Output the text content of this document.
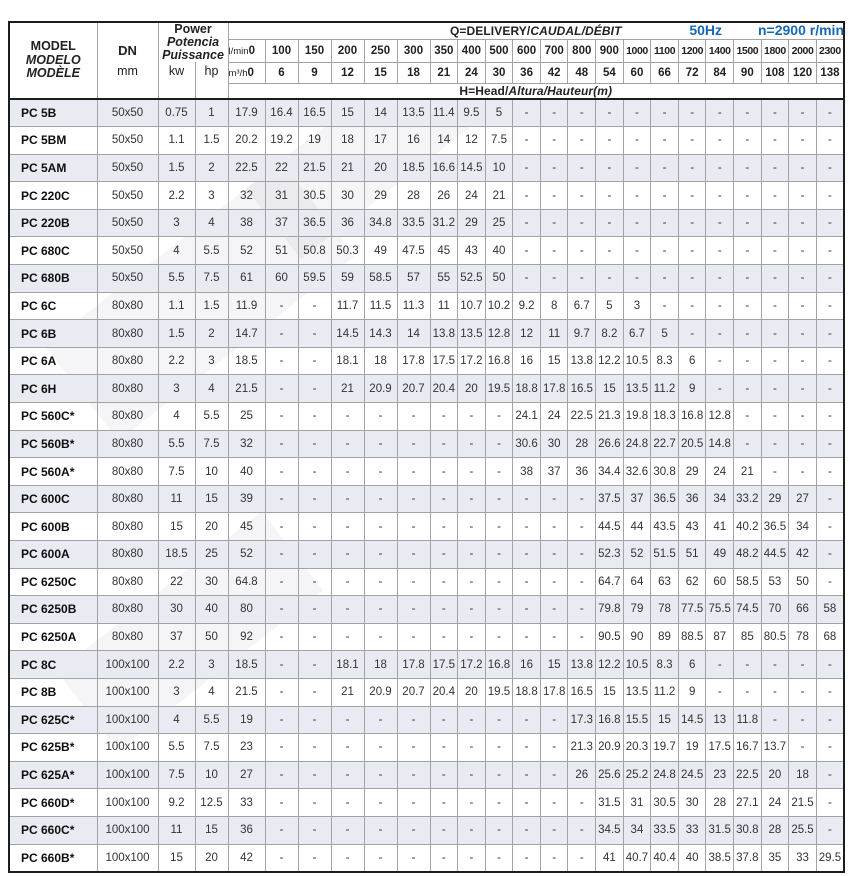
50Hz	n=2900 r/min
MODEL
MODELO
MODÈLE

DN
mm

Power
Potencia
Puissance
	Q=DELIVERY/CAUDAL/DÉBIT
				l/min0	100	150	200	250	300	350	400	500	600	700	800	900	1000	1100	1200	1400	1500	1800	2000	2300
		kw	hp	m³/h0	6	9	12	15	18	21	24	30	36	42	48	54	60	66	72	84	90	108	120	138
				H=Head/Altura/Hauteur(m)																				
PC 5B	50x50	0.75	1	17.9	16.4	16.5	15	14	13.5	11.4	9.5	5	-	-	-	-	-	-	-	-	-	-	-	-
PC 5BM	50x50	1.1	1.5	20.2	19.2	19	18	17	16	14	12	7.5	-	-	-	-	-	-	-	-	-	-	-	-
PC 5AM	50x50	1.5	2	22.5	22	21.5	21	20	18.5	16.6	14.5	10	-	-	-	-	-	-	-	-	-	-	-	-
PC 220C	50x50	2.2	3	32	31	30.5	30	29	28	26	24	21	-	-	-	-	-	-	-	-	-	-	-	-
PC 220B	50x50	3	4	38	37	36.5	36	34.8	33.5	31.2	29	25	-	-	-	-	-	-	-	-	-	-	-	-
PC 680C	50x50	4	5.5	52	51	50.8	50.3	49	47.5	45	43	40	-	-	-	-	-	-	-	-	-	-	-	-
PC 680B	50x50	5.5	7.5	61	60	59.5	59	58.5	57	55	52.5	50	-	-	-	-	-	-	-	-	-	-	-	-
PC 6C	80x80	1.1	1.5	11.9	-	-	11.7	11.5	11.3	11	10.7	10.2	9.2	8	6.7	5	3	-	-	-	-	-	-	-
PC 6B	80x80	1.5	2	14.7	-	-	14.5	14.3	14	13.8	13.5	12.8	12	11	9.7	8.2	6.7	5	-	-	-	-	-	-
PC 6A	80x80	2.2	3	18.5	-	-	18.1	18	17.8	17.5	17.2	16.8	16	15	13.8	12.2	10.5	8.3	6	-	-	-	-	-
PC 6H	80x80	3	4	21.5	-	-	21	20.9	20.7	20.4	20	19.5	18.8	17.8	16.5	15	13.5	11.2	9	-	-	-	-	-
PC 560C*	80x80	4	5.5	25	-	-	-	-	-	-	-	-	24.1	24	22.5	21.3	19.8	18.3	16.8	12.8	-	-	-	-
PC 560B*	80x80	5.5	7.5	32	-	-	-	-	-	-	-	-	30.6	30	28	26.6	24.8	22.7	20.5	14.8	-	-	-	-
PC 560A*	80x80	7.5	10	40	-	-	-	-	-	-	-	-	38	37	36	34.4	32.6	30.8	29	24	21	-	-	-
PC 600C	80x80	11	15	39	-	-	-	-	-	-	-	-	-	-	-	37.5	37	36.5	36	34	33.2	29	27	-
PC 600B	80x80	15	20	45	-	-	-	-	-	-	-	-	-	-	-	44.5	44	43.5	43	41	40.2	36.5	34	-
PC 600A	80x80	18.5	25	52	-	-	-	-	-	-	-	-	-	-	-	52.3	52	51.5	51	49	48.2	44.5	42	-
PC 6250C	80x80	22	30	64.8	-	-	-	-	-	-	-	-	-	-	-	64.7	64	63	62	60	58.5	53	50	-
PC 6250B	80x80	30	40	80	-	-	-	-	-	-	-	-	-	-	-	79.8	79	78	77.5	75.5	74.5	70	66	58
PC 6250A	80x80	37	50	92	-	-	-	-	-	-	-	-	-	-	-	90.5	90	89	88.5	87	85	80.5	78	68
PC 8C	100x100	2.2	3	18.5	-	-	18.1	18	17.8	17.5	17.2	16.8	16	15	13.8	12.2	10.5	8.3	6	-	-	-	-	-
PC 8B	100x100	3	4	21.5	-	-	21	20.9	20.7	20.4	20	19.5	18.8	17.8	16.5	15	13.5	11.2	9	-	-	-	-	-
PC 625C*	100x100	4	5.5	19	-	-	-	-	-	-	-	-	-	-	17.3	16.8	15.5	15	14.5	13	11.8	-	-	-
PC 625B*	100x100	5.5	7.5	23	-	-	-	-	-	-	-	-	-	-	21.3	20.9	20.3	19.7	19	17.5	16.7	13.7	-	-
PC 625A*	100x100	7.5	10	27	-	-	-	-	-	-	-	-	-	-	26	25.6	25.2	24.8	24.5	23	22.5	20	18	-
PC 660D*	100x100	9.2	12.5	33	-	-	-	-	-	-	-	-	-	-	-	31.5	31	30.5	30	28	27.1	24	21.5	-
PC 660C*	100x100	11	15	36	-	-	-	-	-	-	-	-	-	-	-	34.5	34	33.5	33	31.5	30.8	28	25.5	-
PC 660B*	100x100	15	20	42	-	-	-	-	-	-	-	-	-	-	-	41	40.7	40.4	40	38.5	37.8	35	33	29.5
